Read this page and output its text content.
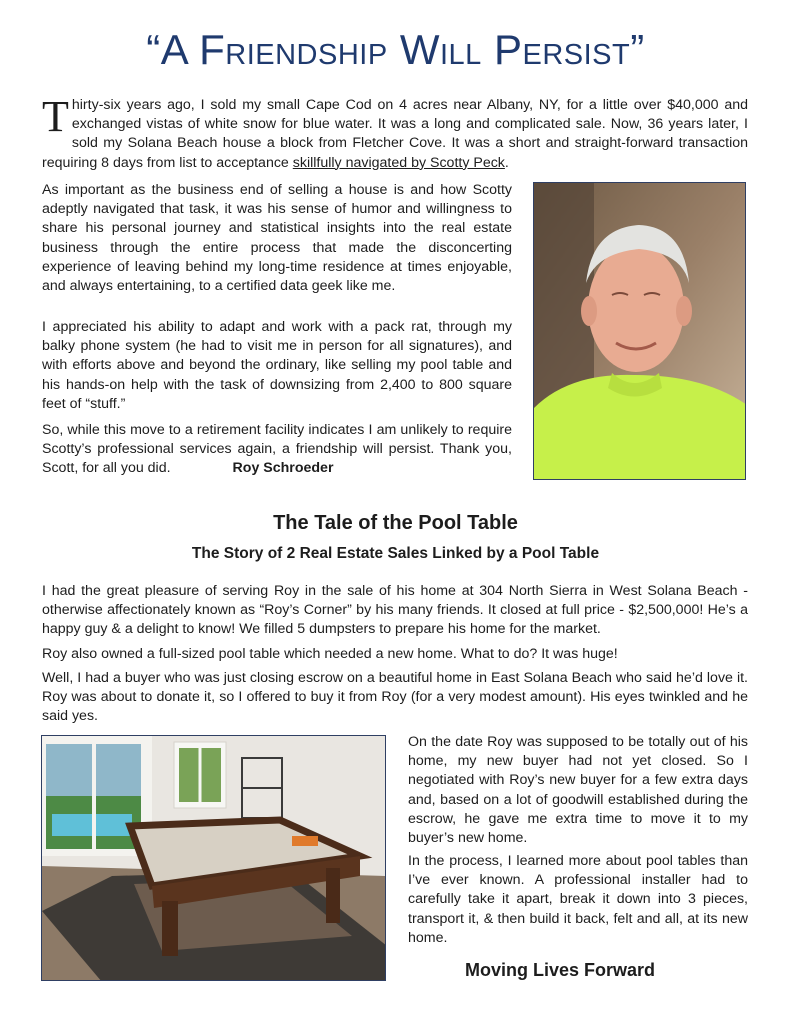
“A Friendship Will Persist”

Thirty-six years ago, I sold my small Cape Cod on 4 acres near Albany, NY, for a little over $40,000 and exchanged vistas of white snow for blue water. It was a long and complicated sale. Now, 36 years later, I sold my Solana Beach house a block from Fletcher Cove. It was a short and straight-forward transaction requiring 8 days from list to acceptance skillfully navigated by Scotty Peck.

As important as the business end of selling a house is and how Scotty adeptly navigated that task, it was his sense of humor and willingness to share his personal journey and statistical insights into the real estate business through the entire process that made the disconcerting experience of leaving behind my long-time residence at times enjoyable, and always entertaining, to a certified data geek like me.

I appreciated his ability to adapt and work with a pack rat, through my balky phone system (he had to visit me in person for all signatures), and with efforts above and beyond the ordinary, like selling my pool table and his hands-on help with the task of downsizing from 2,400 to 800 square feet of “stuff.”

So, while this move to a retirement facility indicates I am unlikely to require Scotty’s professional services again, a friendship will persist. Thank you, Scott, for all you did.	Roy Schroeder

The Tale of the Pool Table
The Story of 2 Real Estate Sales Linked by a Pool Table

I had the great pleasure of serving Roy in the sale of his home at 304 North Sierra in West Solana Beach - otherwise affectionately known as “Roy’s Corner” by his many friends. It closed at full price - $2,500,000! He’s a happy guy & a delight to know! We filled 5 dumpsters to prepare his home for the market.

Roy also owned a full-sized pool table which needed a new home. What to do? It was huge!

Well, I had a buyer who was just closing escrow on a beautiful home in East Solana Beach who said he’d love it. Roy was about to donate it, so I offered to buy it from Roy (for a very modest amount). His eyes twinkled and he said yes.

On the date Roy was supposed to be totally out of his home, my new buyer had not yet closed. So I negotiated with Roy’s new buyer for a few extra days and, based on a lot of goodwill established during the escrow, he gave me extra time to move it to my buyer’s new home.

In the process, I learned more about pool tables than I’ve ever known. A professional installer had to carefully take it apart, break it down into 3 pieces, transport it, & then build it back, felt and all, at its new home.

Moving Lives Forward
